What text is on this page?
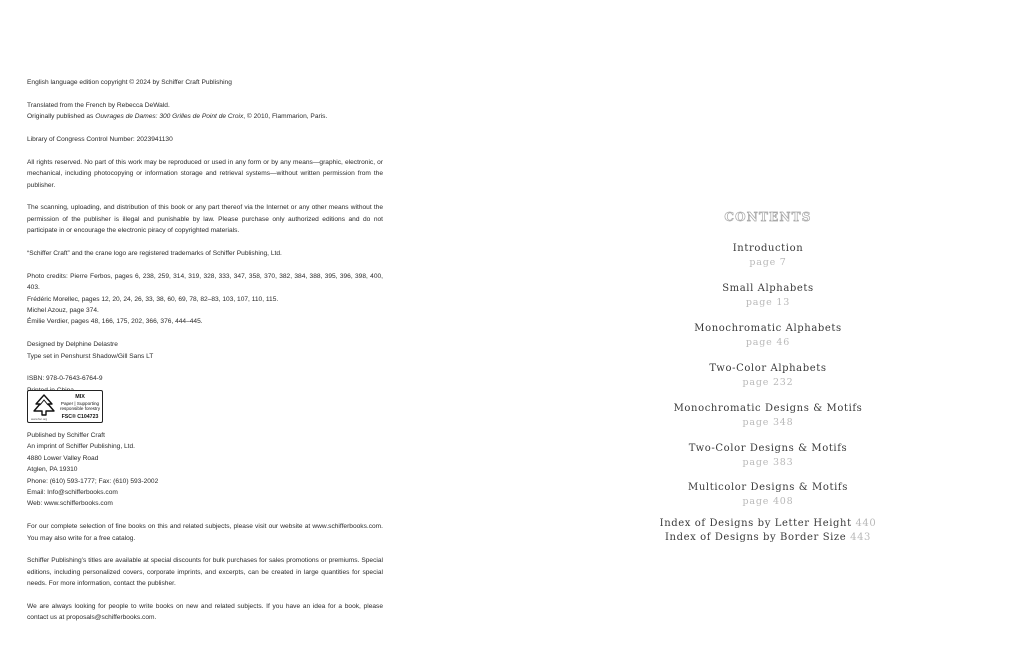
English language edition copyright © 2024 by Schiffer Craft Publishing

Translated from the French by Rebecca DeWald.

Originally published as Ouvrages de Dames: 300 Grilles de Point de Croix, © 2010, Flammarion, Paris.

Library of Congress Control Number: 2023941130

All rights reserved. No part of this work may be reproduced or used in any form or by any means—graphic, electronic, or mechanical, including photocopying or information storage and retrieval systems—without written permission from the publisher.

The scanning, uploading, and distribution of this book or any part thereof via the Internet or any other means without the permission of the publisher is illegal and punishable by law. Please purchase only authorized editions and do not participate in or encourage the electronic piracy of copyrighted materials.

“Schiffer Craft” and the crane logo are registered trademarks of Schiffer Publishing, Ltd.

Photo credits: Pierre Ferbos, pages 6, 238, 259, 314, 319, 328, 333, 347, 358, 370, 382, 384, 388, 395, 396, 398, 400, 403.

Frédéric Morellec, pages 12, 20, 24, 26, 33, 38, 60, 69, 78, 82–83, 103, 107, 110, 115.

Michel Azouz, page 374.

Émilie Verdier, pages 48, 166, 175, 202, 366, 376, 444–445.

Designed by Delphine Delastre

Type set in Penshurst Shadow/Gill Sans LT

ISBN: 978-0-7643-6764-9

MIX
Paper | Supporting
responsible forestry
FSC® C104723
www.fsc.org

Published by Schiffer Craft

An imprint of Schiffer Publishing, Ltd.

4880 Lower Valley Road

Atglen, PA 19310

Phone: (610) 593-1777; Fax: (610) 593-2002

Email: Info@schifferbooks.com

Web: www.schifferbooks.com

For our complete selection of fine books on this and related subjects, please visit our website at www.schifferbooks.com. You may also write for a free catalog.

Schiffer Publishing’s titles are available at special discounts for bulk purchases for sales promotions or premiums. Special editions, including personalized covers, corporate imprints, and excerpts, can be created in large quantities for special needs. For more information, contact the publisher.

We are always looking for people to write books on new and related subjects. If you have an idea for a book, please contact us at proposals@schifferbooks.com.

CONTENTS
Introduction
page 7
Small Alphabets
page 13
Monochromatic Alphabets
page 46
Two-Color Alphabets
page 232
Monochromatic Designs & Motifs
page 348
Two-Color Designs & Motifs
page 383
Multicolor Designs & Motifs
page 408
Index of Designs by Letter Height 440
Index of Designs by Border Size 443
